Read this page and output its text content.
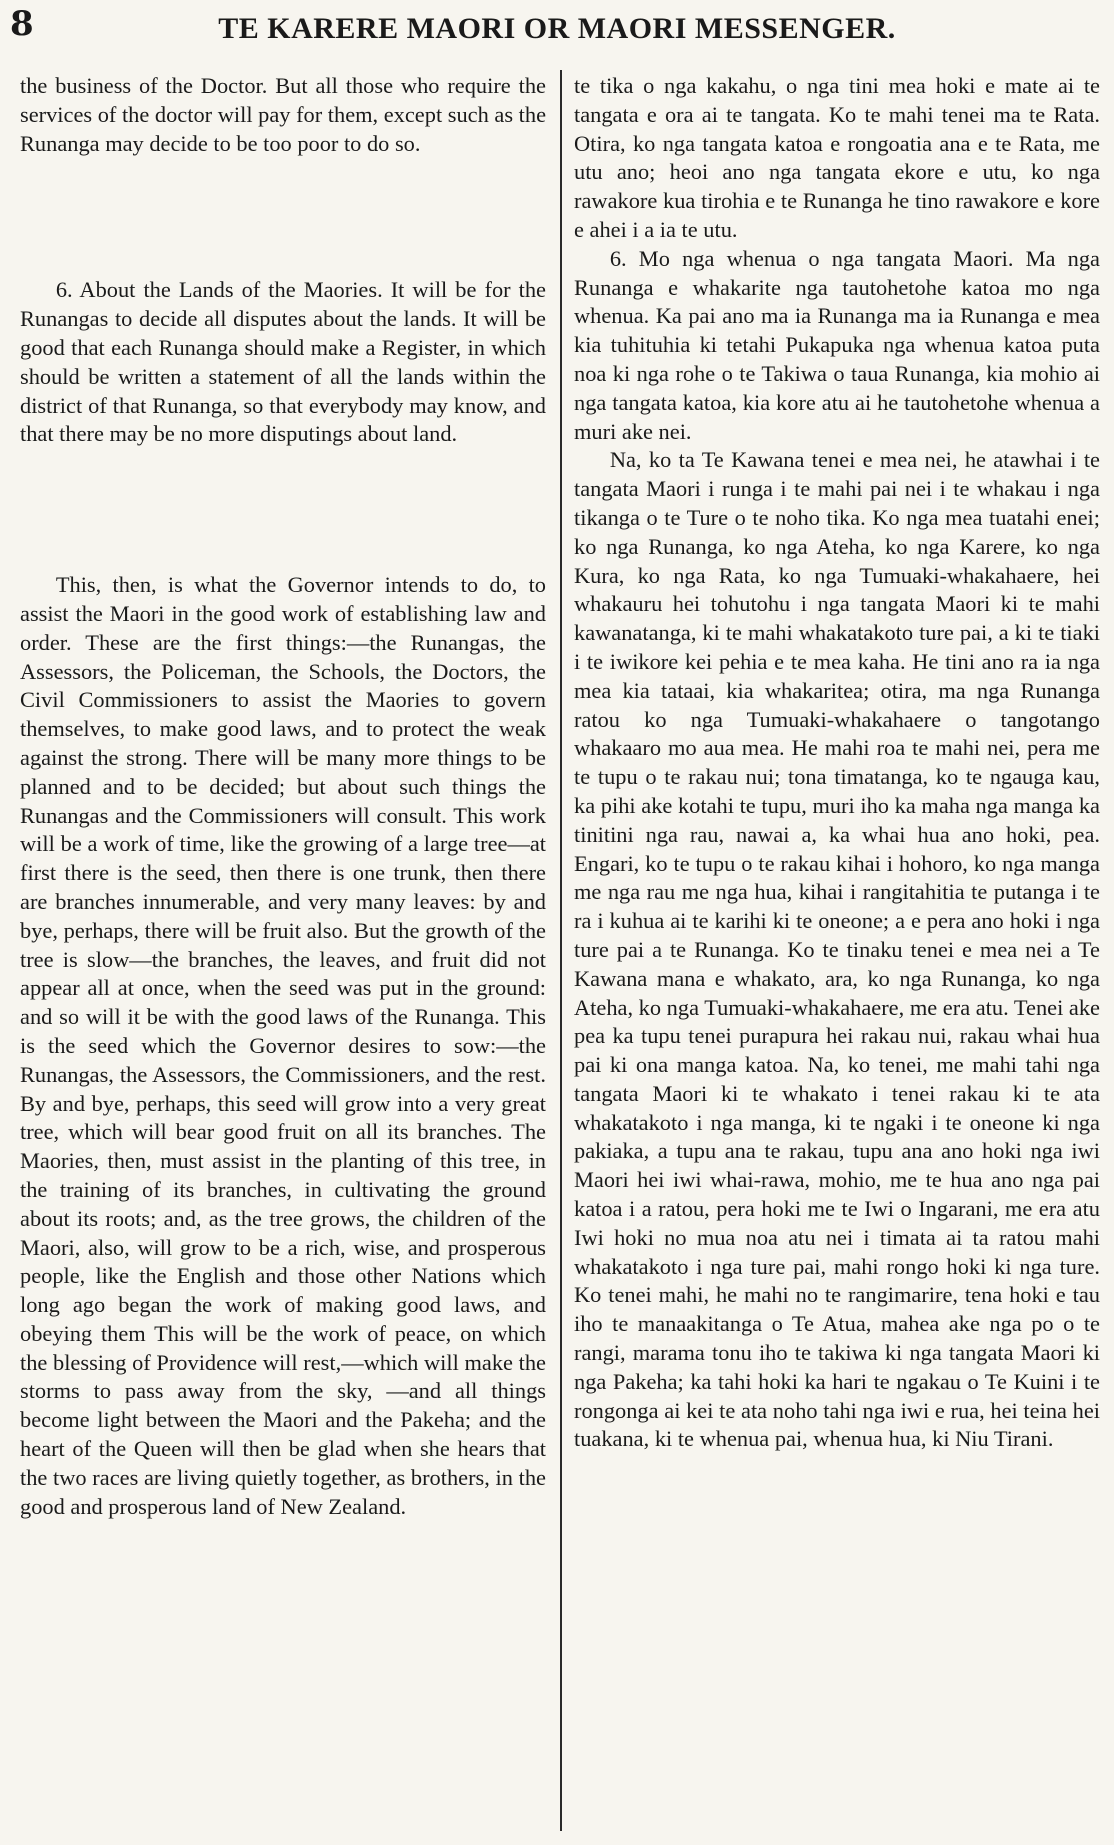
8	TE KARERE MAORI OR MAORI MESSENGER.

the business of the Doctor. But all those who require the services of the doctor will pay for them, except such as the Runanga may decide to be too poor to do so.

6. About the Lands of the Maories. It will be for the Runangas to decide all disputes about the lands. It will be good that each Runanga should make a Register, in which should be written a statement of all the lands within the district of that Runanga, so that everybody may know, and that there may be no more disputings about land.

This, then, is what the Governor intends to do, to assist the Maori in the good work of establishing law and order. These are the first things:—the Runangas, the Assessors, the Policeman, the Schools, the Doctors, the Civil Commissioners to assist the Maories to govern themselves, to make good laws, and to protect the weak against the strong. There will be many more things to be planned and to be decided; but about such things the Runangas and the Commissioners will consult. This work will be a work of time, like the growing of a large tree—at first there is the seed, then there is one trunk, then there are branches innumerable, and very many leaves: by and bye, perhaps, there will be fruit also. But the growth of the tree is slow—the branches, the leaves, and fruit did not appear all at once, when the seed was put in the ground: and so will it be with the good laws of the Runanga. This is the seed which the Governor desires to sow:—the Runangas, the Assessors, the Commissioners, and the rest. By and bye, perhaps, this seed will grow into a very great tree, which will bear good fruit on all its branches. The Maories, then, must assist in the planting of this tree, in the training of its branches, in cultivating the ground about its roots; and, as the tree grows, the children of the Maori, also, will grow to be a rich, wise, and prosperous people, like the English and those other Nations which long ago began the work of making good laws, and obeying them This will be the work of peace, on which the blessing of Providence will rest,—which will make the storms to pass away from the sky, —and all things become light between the Maori and the Pakeha; and the heart of the Queen will then be glad when she hears that the two races are living quietly together, as brothers, in the good and prosperous land of New Zealand.

te tika o nga kakahu, o nga tini mea hoki e mate ai te tangata e ora ai te tangata. Ko te mahi tenei ma te Rata. Otira, ko nga tangata katoa e rongoatia ana e te Rata, me utu ano; heoi ano nga tangata ekore e utu, ko nga rawakore kua tirohia e te Runanga he tino rawakore e kore e ahei i a ia te utu.

6. Mo nga whenua o nga tangata Maori. Ma nga Runanga e whakarite nga tautohetohe katoa mo nga whenua. Ka pai ano ma ia Runanga ma ia Runanga e mea kia tuhituhia ki tetahi Pukapuka nga whenua katoa puta noa ki nga rohe o te Takiwa o taua Runanga, kia mohio ai nga tangata katoa, kia kore atu ai he tautohetohe whenua a muri ake nei.

Na, ko ta Te Kawana tenei e mea nei, he atawhai i te tangata Maori i runga i te mahi pai nei i te whakau i nga tikanga o te Ture o te noho tika. Ko nga mea tuatahi enei; ko nga Runanga, ko nga Ateha, ko nga Karere, ko nga Kura, ko nga Rata, ko nga Tumuaki-whakahaere, hei whakauru hei tohutohu i nga tangata Maori ki te mahi kawanatanga, ki te mahi whakatakoto ture pai, a ki te tiaki i te iwikore kei pehia e te mea kaha. He tini ano ra ia nga mea kia tataai, kia whakaritea; otira, ma nga Runanga ratou ko nga Tumuaki-whakahaere o tangotango whakaaro mo aua mea. He mahi roa te mahi nei, pera me te tupu o te rakau nui; tona timatanga, ko te ngauga kau, ka pihi ake kotahi te tupu, muri iho ka maha nga manga ka tinitini nga rau, nawai a, ka whai hua ano hoki, pea. Engari, ko te tupu o te rakau kihai i hohoro, ko nga manga me nga rau me nga hua, kihai i rangitahitia te putanga i te ra i kuhua ai te karihi ki te oneone; a e pera ano hoki i nga ture pai a te Runanga. Ko te tinaku tenei e mea nei a Te Kawana mana e whakato, ara, ko nga Runanga, ko nga Ateha, ko nga Tumuaki-whakahaere, me era atu. Tenei ake pea ka tupu tenei purapura hei rakau nui, rakau whai hua pai ki ona manga katoa. Na, ko tenei, me mahi tahi nga tangata Maori ki te whakato i tenei rakau ki te ata whakatakoto i nga manga, ki te ngaki i te oneone ki nga pakiaka, a tupu ana te rakau, tupu ana ano hoki nga iwi Maori hei iwi whai-rawa, mohio, me te hua ano nga pai katoa i a ratou, pera hoki me te Iwi o Ingarani, me era atu Iwi hoki no mua noa atu nei i timata ai ta ratou mahi whakatakoto i nga ture pai, mahi rongo hoki ki nga ture. Ko tenei mahi, he mahi no te rangimarire, tena hoki e tau iho te manaakitanga o Te Atua, mahea ake nga po o te rangi, marama tonu iho te takiwa ki nga tangata Maori ki nga Pakeha; ka tahi hoki ka hari te ngakau o Te Kuini i te rongonga ai kei te ata noho tahi nga iwi e rua, hei teina hei tuakana, ki te whenua pai, whenua hua, ki Niu Tirani.
